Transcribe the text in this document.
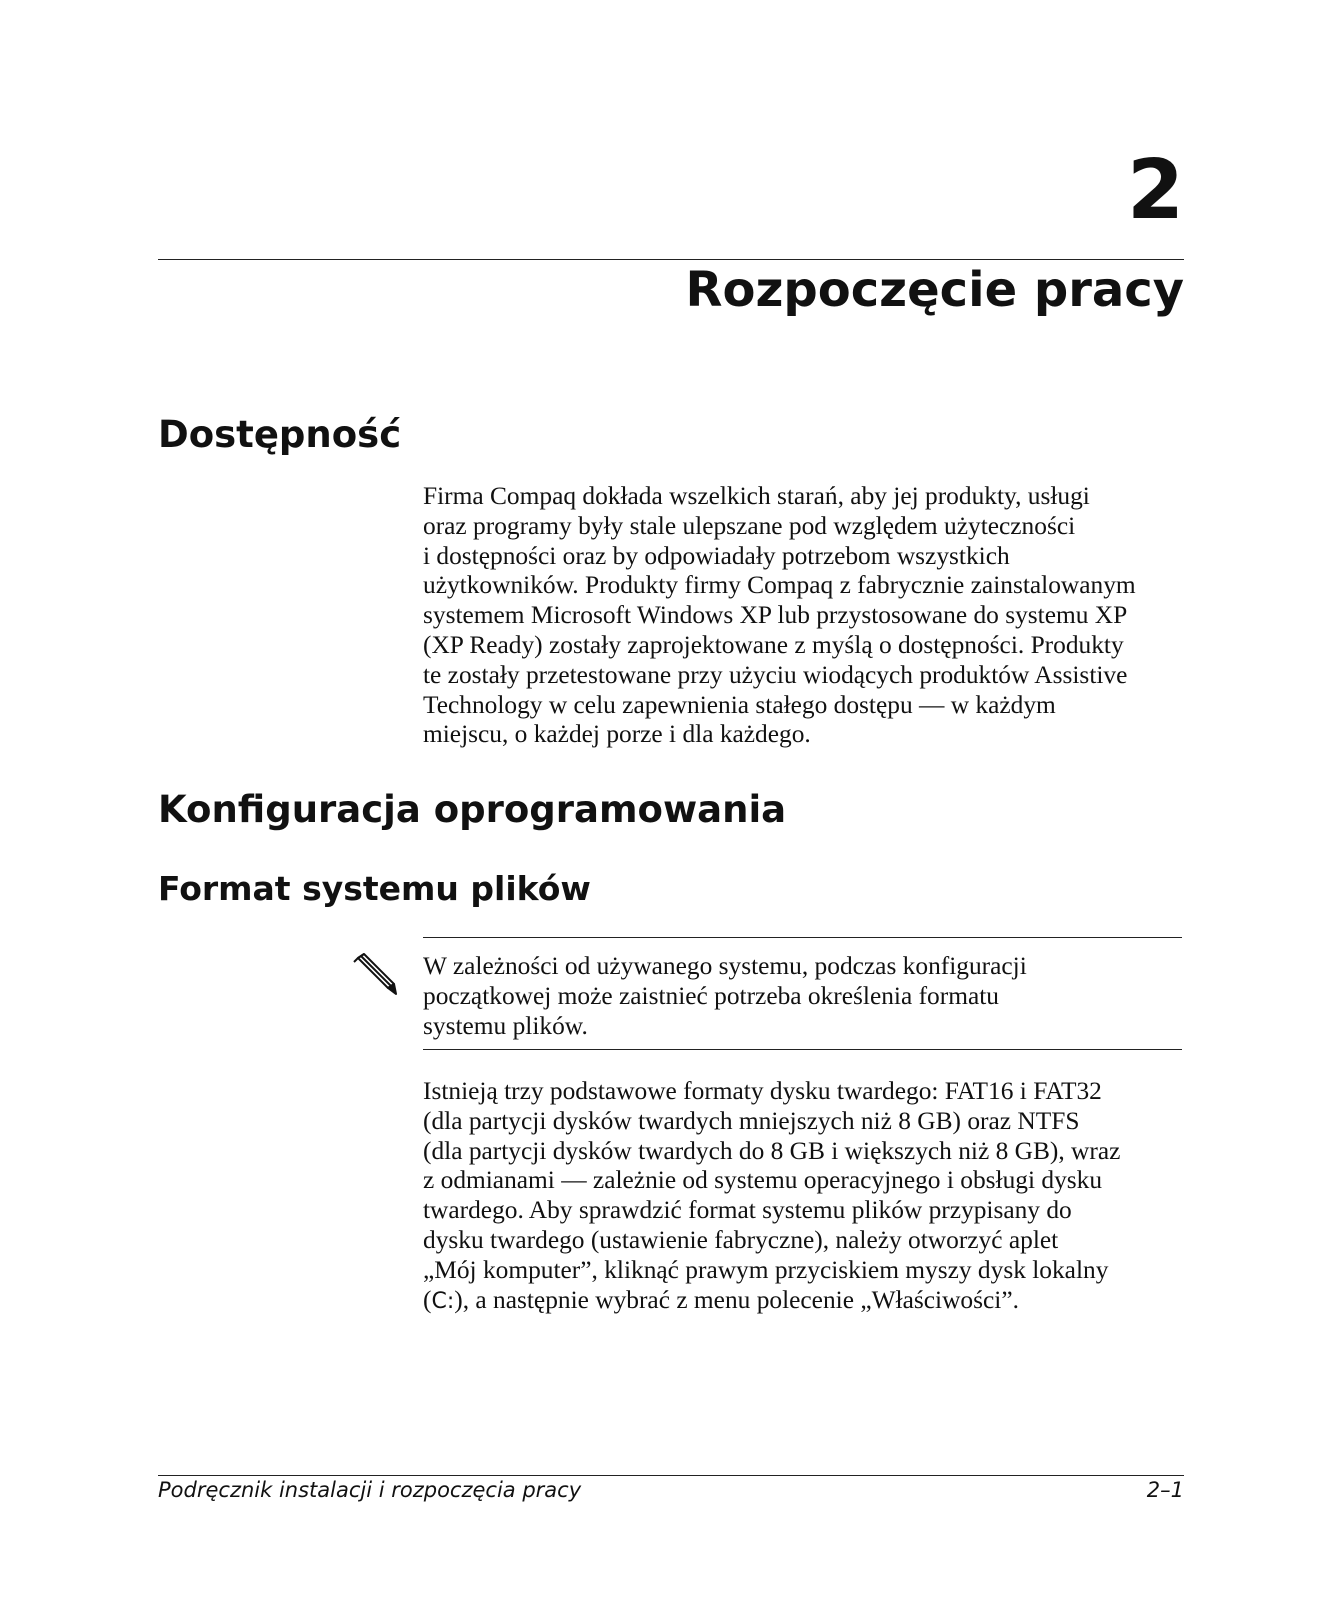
2
Rozpoczęcie pracy
Dostępność

Firma Compaq dokłada wszelkich starań, aby jej produkty, usługi
oraz programy były stale ulepszane pod względem użyteczności
i dostępności oraz by odpowiadały potrzebom wszystkich
użytkowników. Produkty firmy Compaq z fabrycznie zainstalowanym
systemem Microsoft Windows XP lub przystosowane do systemu XP
(XP Ready) zostały zaprojektowane z myślą o dostępności. Produkty
te zostały przetestowane przy użyciu wiodących produktów Assistive
Technology w celu zapewnienia stałego dostępu — w każdym
miejscu, o każdej porze i dla każdego.

Konfiguracja oprogramowania
Format systemu plików

W zależności od używanego systemu, podczas konfiguracji
początkowej może zaistnieć potrzeba określenia formatu
systemu plików.

Istnieją trzy podstawowe formaty dysku twardego: FAT16 i FAT32
(dla partycji dysków twardych mniejszych niż 8 GB) oraz NTFS
(dla partycji dysków twardych do 8 GB i większych niż 8 GB), wraz
z odmianami — zależnie od systemu operacyjnego i obsługi dysku
twardego. Aby sprawdzić format systemu plików przypisany do
dysku twardego (ustawienie fabryczne), należy otworzyć aplet
„Mój komputer”, kliknąć prawym przyciskiem myszy dysk lokalny
(C:), a następnie wybrać z menu polecenie „Właściwości”.

Podręcznik instalacji i rozpoczęcia pracy	2–1
